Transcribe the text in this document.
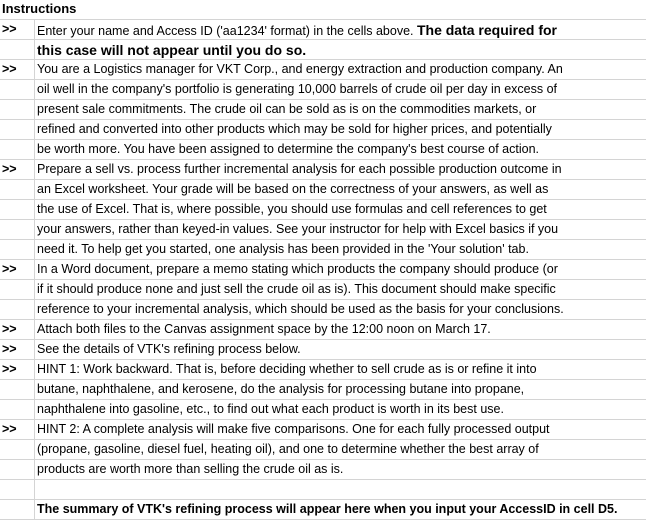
Instructions
>> Enter your name and Access ID ('aa1234' format) in the cells above. The data required for
this case will not appear until you do so.
>> You are a Logistics manager for VKT Corp., and energy extraction and production company. An
oil well in the company's portfolio is generating 10,000 barrels of crude oil per day in excess of
present sale commitments. The crude oil can be sold as is on the commodities markets, or
refined and converted into other products which may be sold for higher prices, and potentially
be worth more. You have been assigned to determine the company's best course of action.
>> Prepare a sell vs. process further incremental analysis for each possible production outcome in
an Excel worksheet. Your grade will be based on the correctness of your answers, as well as
the use of Excel. That is, where possible, you should use formulas and cell references to get
your answers, rather than keyed-in values. See your instructor for help with Excel basics if you
need it. To help get you started, one analysis has been provided in the 'Your solution' tab.
>> In a Word document, prepare a memo stating which products the company should produce (or
if it should produce none and just sell the crude oil as is). This document should make specific
reference to your incremental analysis, which should be used as the basis for your conclusions.
>> Attach both files to the Canvas assignment space by the 12:00 noon on March 17.
>> See the details of VTK's refining process below.
>> HINT 1: Work backward. That is, before deciding whether to sell crude as is or refine it into
butane, naphthalene, and kerosene, do the analysis for processing butane into propane,
naphthalene into gasoline, etc., to find out what each product is worth in its best use.
>> HINT 2: A complete analysis will make five comparisons. One for each fully processed output
(propane, gasoline, diesel fuel, heating oil), and one to determine whether the best array of
products are worth more than selling the crude oil as is.
The summary of VTK's refining process will appear here when you input your AccessID in cell D5.
